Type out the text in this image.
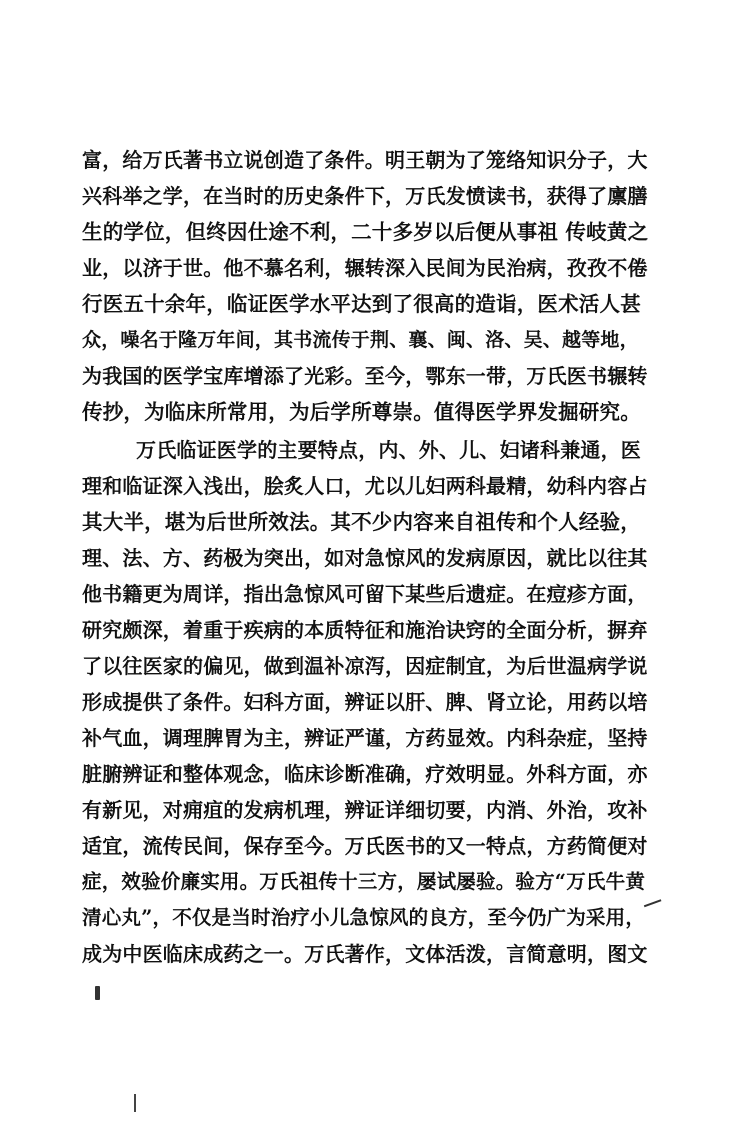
富，给万氏著书立说创造了条件。明王朝为了笼络知识分子，大
兴科举之学，在当时的历史条件下，万氏发愤读书，获得了廪膳
生的学位，但终因仕途不利，二十多岁以后便从事祖 传岐黄之
业，以济于世。他不慕名利，辗转深入民间为民治病，孜孜不倦
行医五十余年，临证医学水平达到了很高的造诣，医术活人甚
众，噪名于隆万年间，其书流传于荆、襄、闽、洛、吴、越等地，
为我国的医学宝库增添了光彩。至今，鄂东一带，万氏医书辗转
传抄，为临床所常用，为后学所尊崇。值得医学界发掘研究。
万氏临证医学的主要特点，内、外、儿、妇诸科兼通，医
理和临证深入浅出，脍炙人口，尤以儿妇两科最精，幼科内容占
其大半，堪为后世所效法。其不少内容来自祖传和个人经验，
理、法、方、药极为突出，如对急惊风的发病原因，就比以往其
他书籍更为周详，指出急惊风可留下某些后遗症。在痘疹方面，
研究颇深，着重于疾病的本质特征和施治诀窍的全面分析，摒弃
了以往医家的偏见，做到温补凉泻，因症制宜，为后世温病学说
形成提供了条件。妇科方面，辨证以肝、脾、肾立论，用药以培
补气血，调理脾胃为主，辨证严谨，方药显效。内科杂症，坚持
脏腑辨证和整体观念，临床诊断准确，疗效明显。外科方面，亦
有新见，对痈疽的发病机理，辨证详细切要，内消、外治，攻补
适宜，流传民间，保存至今。万氏医书的又一特点，方药简便对
症，效验价廉实用。万氏祖传十三方，屡试屡验。验方“万氏牛黄
清心丸”，不仅是当时治疗小儿急惊风的良方，至今仍广为采用，
成为中医临床成药之一。万氏著作，文体活泼，言简意明，图文
